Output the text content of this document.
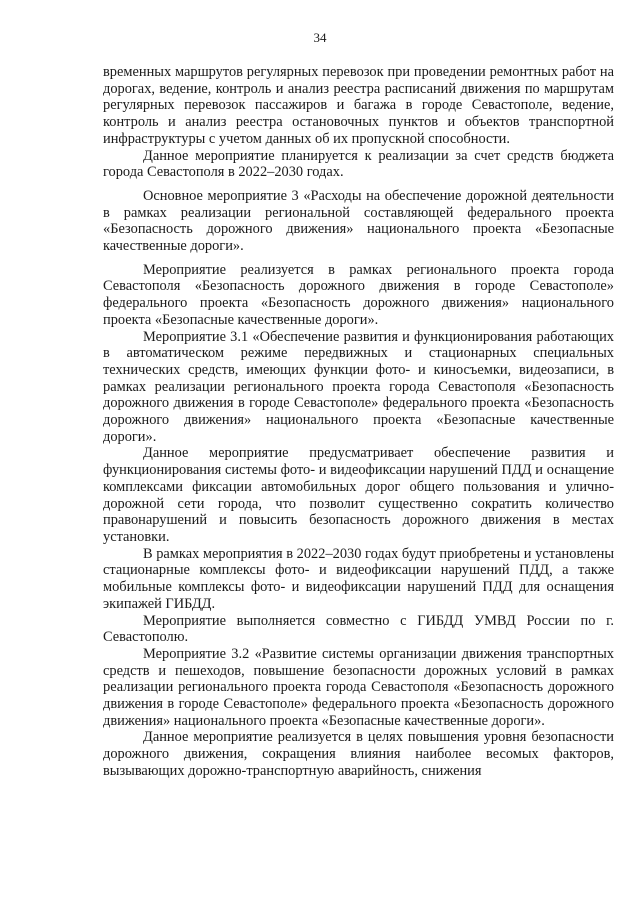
34

временных маршрутов регулярных перевозок при проведении ремонтных работ на дорогах, ведение, контроль и анализ реестра расписаний движения по маршрутам регулярных перевозок пассажиров и багажа в городе Севастополе, ведение, контроль и анализ реестра остановочных пунктов и объектов транспортной инфраструктуры с учетом данных об их пропускной способности.

Данное мероприятие планируется к реализации за счет средств бюджета города Севастополя в 2022–2030 годах.

Основное мероприятие 3 «Расходы на обеспечение дорожной деятельности в рамках реализации региональной составляющей федерального проекта «Безопасность дорожного движения» национального проекта «Безопасные качественные дороги».

Мероприятие реализуется в рамках регионального проекта города Севастополя «Безопасность дорожного движения в городе Севастополе» федерального проекта «Безопасность дорожного движения» национального проекта «Безопасные качественные дороги».

Мероприятие 3.1 «Обеспечение развития и функционирования работающих в автоматическом режиме передвижных и стационарных специальных технических средств, имеющих функции фото- и киносъемки, видеозаписи, в рамках реализации регионального проекта города Севастополя «Безопасность дорожного движения в городе Севастополе» федерального проекта «Безопасность дорожного движения» национального проекта «Безопасные качественные дороги».

Данное мероприятие предусматривает обеспечение развития и функционирования системы фото- и видеофиксации нарушений ПДД и оснащение комплексами фиксации автомобильных дорог общего пользования и улично-дорожной сети города, что позволит существенно сократить количество правонарушений и повысить безопасность дорожного движения в местах установки.

В рамках мероприятия в 2022–2030 годах будут приобретены и установлены стационарные комплексы фото- и видеофиксации нарушений ПДД, а также мобильные комплексы фото- и видеофиксации нарушений ПДД для оснащения экипажей ГИБДД.

Мероприятие выполняется совместно с ГИБДД УМВД России по г. Севастополю.

Мероприятие 3.2 «Развитие системы организации движения транспортных средств и пешеходов, повышение безопасности дорожных условий в рамках реализации регионального проекта города Севастополя «Безопасность дорожного движения в городе Севастополе» федерального проекта «Безопасность дорожного движения» национального проекта «Безопасные качественные дороги».

Данное мероприятие реализуется в целях повышения уровня безопасности дорожного движения, сокращения влияния наиболее весомых факторов, вызывающих дорожно-транспортную аварийность, снижения
